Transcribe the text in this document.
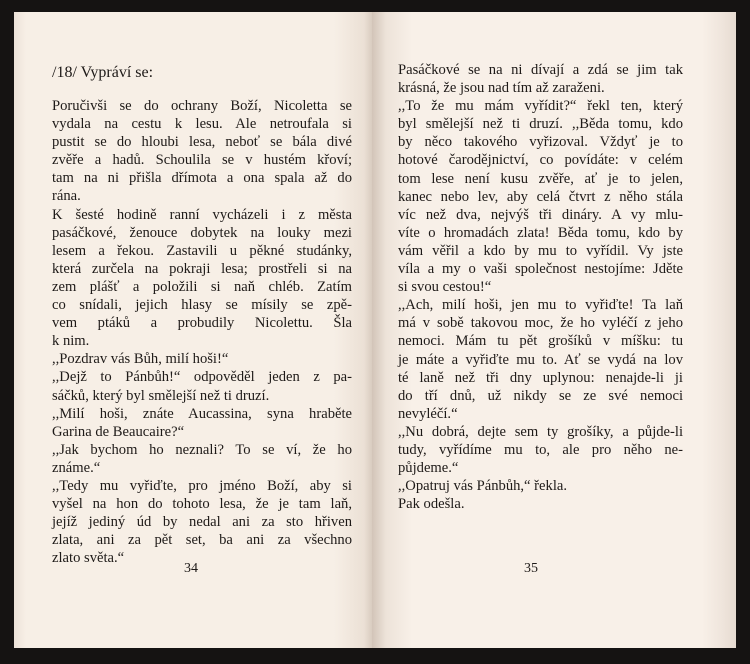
/18/ Vypráví se:
Poručivši se do ochrany Boží, Nicoletta se
vydala na cestu k lesu. Ale netroufala si
pustit se do hloubi lesa, neboť se bála divé
zvěře a hadů. Schoulila se v hustém křoví;
tam na ni přišla dřímota a ona spala až do
rána.
K šesté hodině ranní vycházeli i z města
pasáčkové, ženouce dobytek na louky mezi
lesem a řekou. Zastavili u pěkné studánky,
která zurčela na pokraji lesa; prostřeli si na
zem plášť a položili si naň chléb. Zatím
co snídali, jejich hlasy se mísily se zpě-
vem ptáků a probudily Nicolettu. Šla
k nim.
,,Pozdrav vás Bůh, milí hoši!“
,,Dejž to Pánbůh!“ odpověděl jeden z pa-
sáčků, který byl smělejší než ti druzí.
,,Milí hoši, znáte Aucassina, syna hraběte
Garina de Beaucaire?“
,,Jak bychom ho neznali? To se ví, že ho
známe.“
,,Tedy mu vyřiďte, pro jméno Boží, aby si
vyšel na hon do tohoto lesa, že je tam laň,
jejíž jediný úd by nedal ani za sto hřiven
zlata, ani za pět set, ba ani za všechno
zlato světa.“
34
Pasáčkové se na ni dívají a zdá se jim tak
krásná, že jsou nad tím až zaraženi.
,,To že mu mám vyřídit?“ řekl ten, který
byl smělejší než ti druzí. ,,Běda tomu, kdo
by něco takového vyřizoval. Vždyť je to
hotové čarodějnictví, co povídáte: v celém
tom lese není kusu zvěře, ať je to jelen,
kanec nebo lev, aby celá čtvrt z něho stála
víc než dva, nejvýš tři dináry. A vy mlu-
víte o hromadách zlata! Běda tomu, kdo by
vám věřil a kdo by mu to vyřídil. Vy jste
víla a my o vaši společnost nestojíme: Jděte
si svou cestou!“
,,Ach, milí hoši, jen mu to vyřiďte! Ta laň
má v sobě takovou moc, že ho vyléčí z jeho
nemoci. Mám tu pět grošíků v míšku: tu
je máte a vyřiďte mu to. Ať se vydá na lov
té laně než tři dny uplynou: nenajde-li ji
do tří dnů, už nikdy se ze své nemoci
nevyléčí.“
,,Nu dobrá, dejte sem ty grošíky, a půjde-li
tudy, vyřídíme mu to, ale pro něho ne-
půjdeme.“
,,Opatruj vás Pánbůh,“ řekla.
Pak odešla.
35
